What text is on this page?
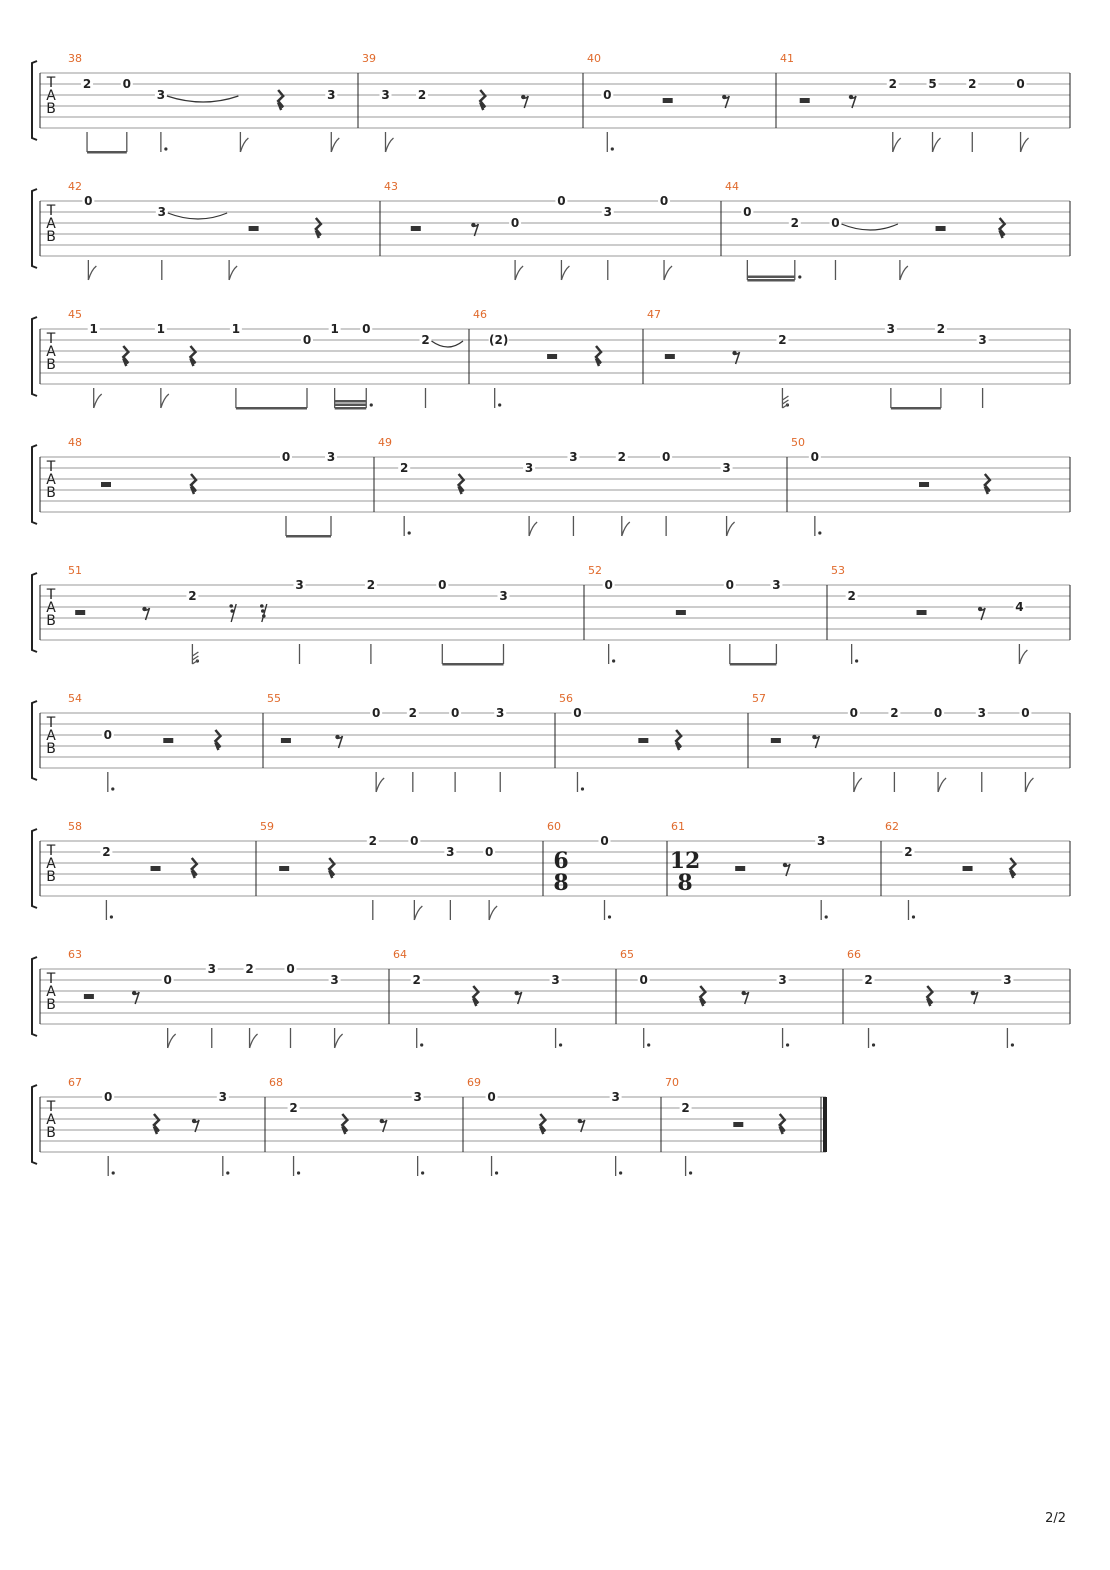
T
A
B
38
2	0
3	3
39
3 2
40
0
41
2	5	2	0
T
A
B
42
0
3
43
0
0
3
0
44
0
2	0
T
A
B
45
1	1	1
0
1 0
2
46
(2)
47
2
3	2
3
T
A
B
48
0	3
49
2	3
3	2	0
3
50
0
T
A
B
51
2
3	2	0
3
52
0	0	3
53
2
4
T
A
B
54
0
55
0 2	0	3
56
0
57
0	2	0	3	0
T
A
B
58
2
59
2	0
3	0
60
6
8
0
61
12
8
3
62
2
T
A
B
63
0
3 2	0
3
64
2	3
65
0	3
66
2	3
T
A
B
67
0	3
68
2
3
69
0	3
70
2
2/2
